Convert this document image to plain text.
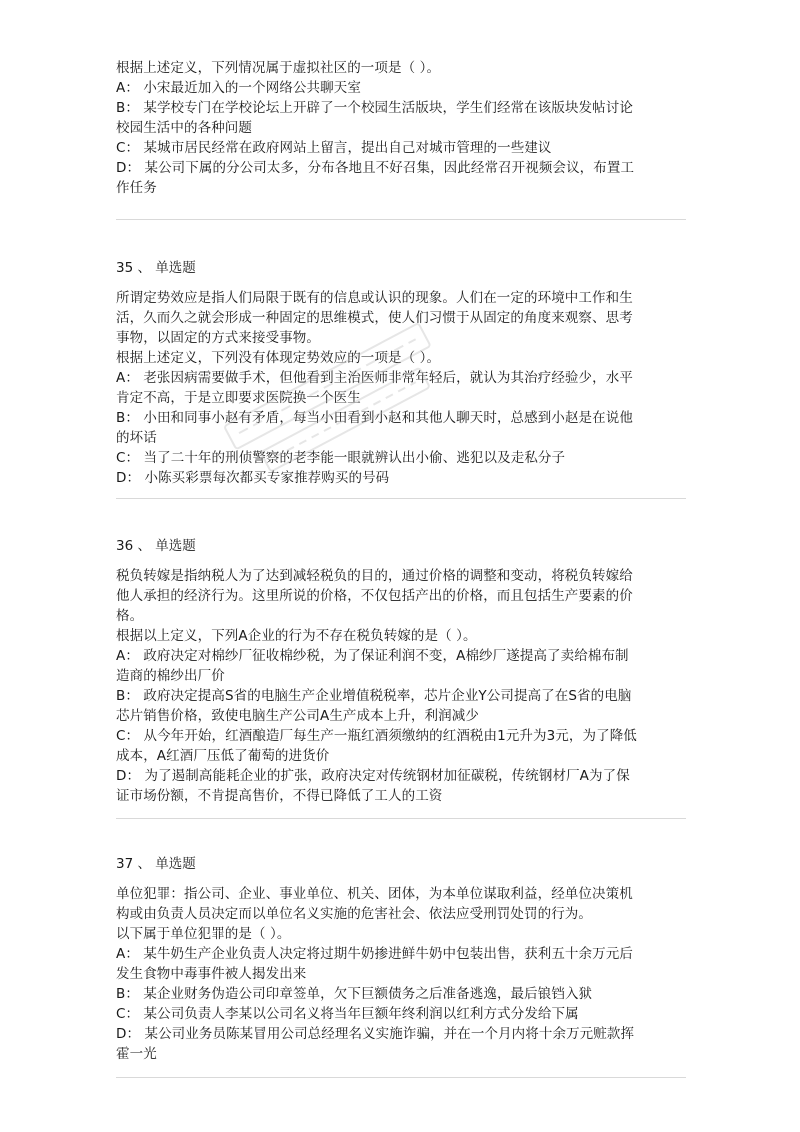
根据上述定义，下列情况属于虚拟社区的一项是（ ）。
A： 小宋最近加入的一个网络公共聊天室
B： 某学校专门在学校论坛上开辟了一个校园生活版块，学生们经常在该版块发帖讨论
校园生活中的各种问题
C： 某城市居民经常在政府网站上留言，提出自己对城市管理的一些建议
D： 某公司下属的分公司太多，分布各地且不好召集，因此经常召开视频会议，布置工
作任务
35 、 单选题
所谓定势效应是指人们局限于既有的信息或认识的现象。人们在一定的环境中工作和生
活，久而久之就会形成一种固定的思维模式，使人们习惯于从固定的角度来观察、思考
事物，以固定的方式来接受事物。
根据上述定义，下列没有体现定势效应的一项是（ ）。
A： 老张因病需要做手术，但他看到主治医师非常年轻后，就认为其治疗经验少，水平
肯定不高，于是立即要求医院换一个医生
B： 小田和同事小赵有矛盾，每当小田看到小赵和其他人聊天时，总感到小赵是在说他
的坏话
C： 当了二十年的刑侦警察的老李能一眼就辨认出小偷、逃犯以及走私分子
D： 小陈买彩票每次都买专家推荐购买的号码
36 、 单选题
税负转嫁是指纳税人为了达到减轻税负的目的，通过价格的调整和变动，将税负转嫁给
他人承担的经济行为。这里所说的价格，不仅包括产出的价格，而且包括生产要素的价
格。
根据以上定义，下列A企业的行为不存在税负转嫁的是（ ）。
A： 政府决定对棉纱厂征收棉纱税，为了保证利润不变，A棉纱厂遂提高了卖给棉布制
造商的棉纱出厂价
B： 政府决定提高S省的电脑生产企业增值税税率，芯片企业Y公司提高了在S省的电脑
芯片销售价格，致使电脑生产公司A生产成本上升，利润减少
C： 从今年开始，红酒酿造厂每生产一瓶红酒须缴纳的红酒税由1元升为3元，为了降低
成本，A红酒厂压低了葡萄的进货价
D： 为了遏制高能耗企业的扩张，政府决定对传统钢材加征碳税，传统钢材厂A为了保
证市场份额，不肯提高售价，不得已降低了工人的工资
37 、 单选题
单位犯罪：指公司、企业、事业单位、机关、团体，为本单位谋取利益，经单位决策机
构或由负责人员决定而以单位名义实施的危害社会、依法应受刑罚处罚的行为。
以下属于单位犯罪的是（ ）。
A： 某牛奶生产企业负责人决定将过期牛奶掺进鲜牛奶中包装出售，获利五十余万元后
发生食物中毒事件被人揭发出来
B： 某企业财务伪造公司印章签单，欠下巨额债务之后准备逃逸，最后锒铛入狱
C： 某公司负责人李某以公司名义将当年巨额年终利润以红利方式分发给下属
D： 某公司业务员陈某冒用公司总经理名义实施诈骗，并在一个月内将十余万元赃款挥
霍一光
